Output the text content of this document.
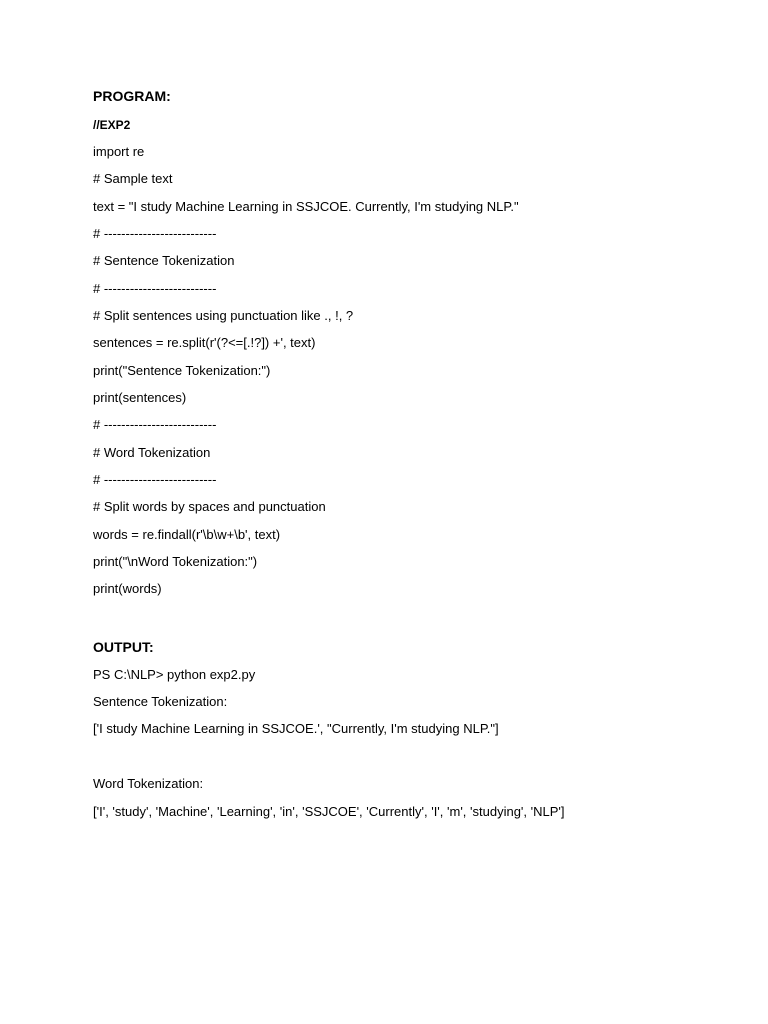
PROGRAM:
//EXP2
import re
# Sample text
text = "I study Machine Learning in SSJCOE. Currently, I'm studying NLP."
# --------------------------
# Sentence Tokenization
# --------------------------
# Split sentences using punctuation like ., !, ?
sentences = re.split(r'(?<=[.!?]) +', text)
print("Sentence Tokenization:")
print(sentences)
# --------------------------
# Word Tokenization
# --------------------------
# Split words by spaces and punctuation
words = re.findall(r'\b\w+\b', text)
print("\nWord Tokenization:")
print(words)
OUTPUT:
PS C:\NLP> python exp2.py
Sentence Tokenization:
['I study Machine Learning in SSJCOE.', "Currently, I'm studying NLP."]
Word Tokenization:
['I', 'study', 'Machine', 'Learning', 'in', 'SSJCOE', 'Currently', 'I', 'm', 'studying', 'NLP']
